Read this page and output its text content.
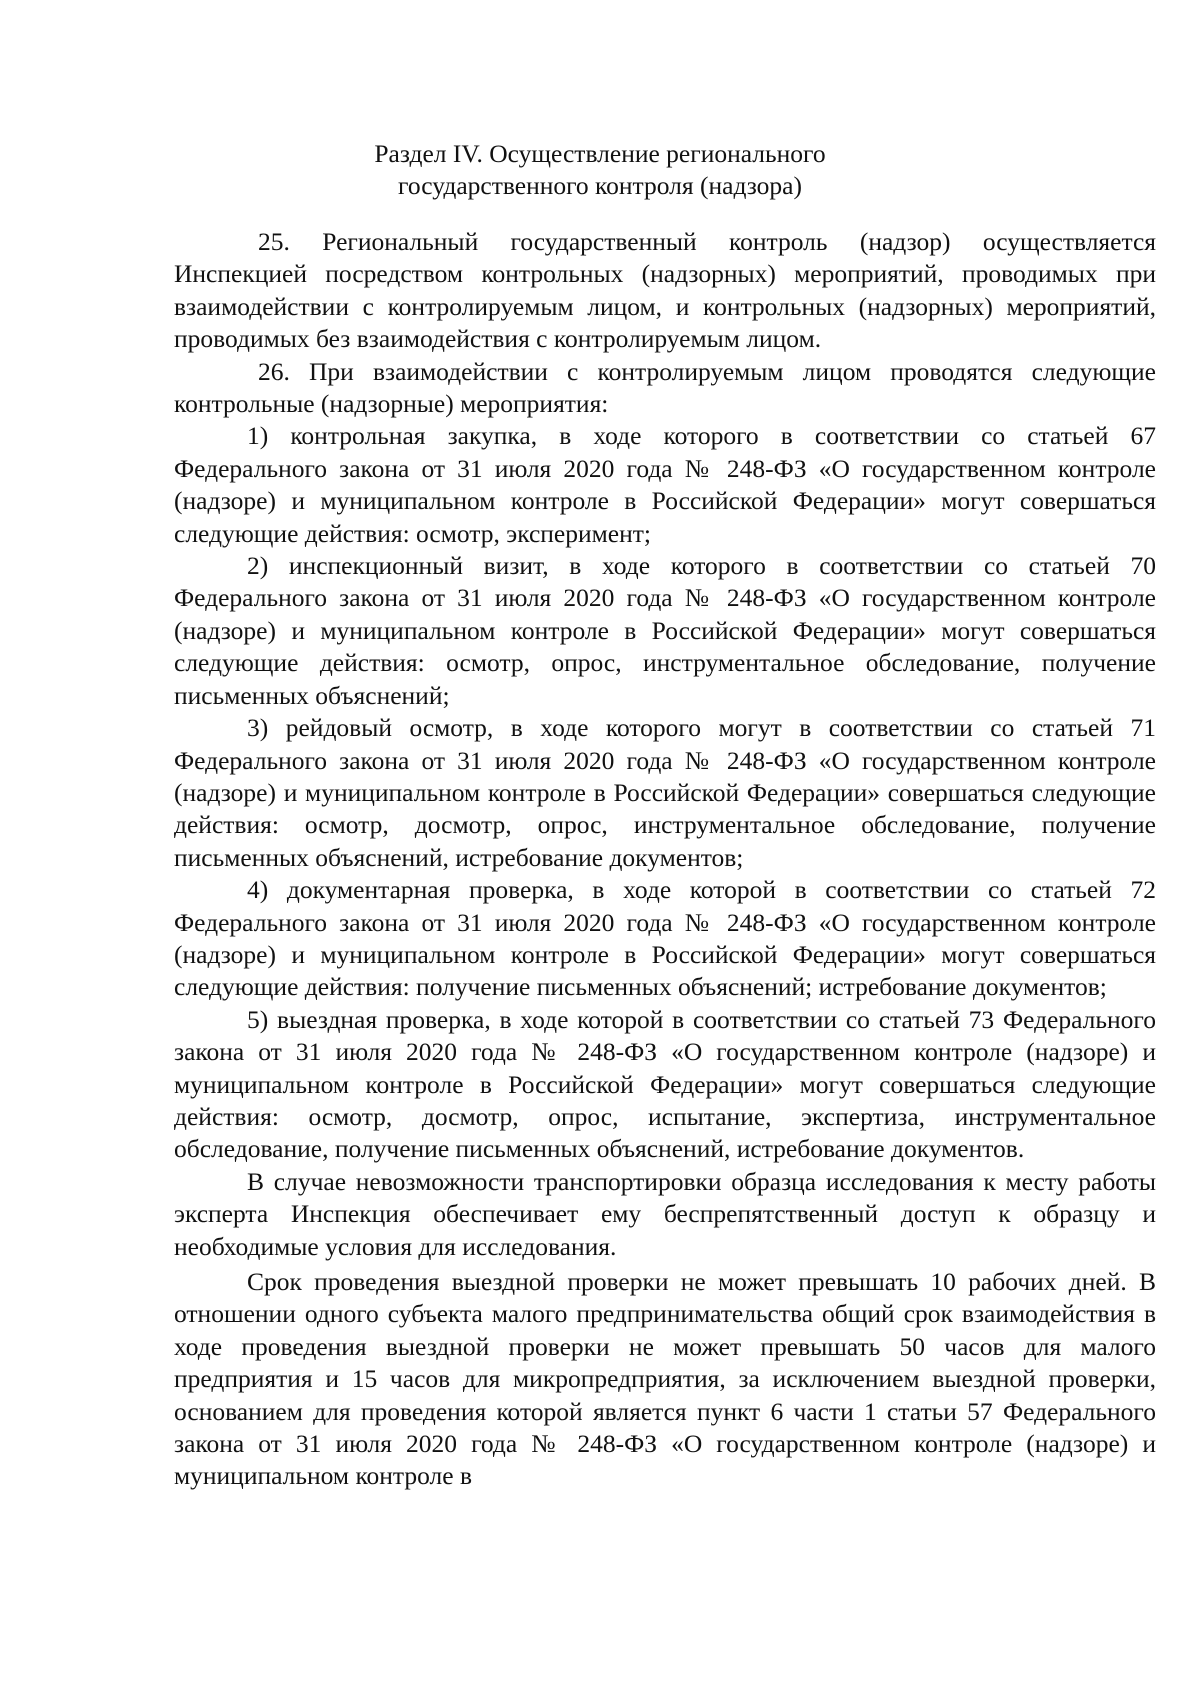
Раздел IV. Осуществление регионального
государственного контроля (надзора)

25. Региональный государственный контроль (надзор) осуществляется Инспекцией посредством контрольных (надзорных) мероприятий, проводимых при взаимодействии с контролируемым лицом, и контрольных (надзорных) мероприятий, проводимых без взаимодействия с контролируемым лицом.

26. При взаимодействии с контролируемым лицом проводятся следующие контрольные (надзорные) мероприятия:

1) контрольная закупка, в ходе которого в соответствии со статьей 67 Федерального закона от 31 июля 2020 года № 248-ФЗ «О государственном контроле (надзоре) и муниципальном контроле в Российской Федерации» могут совершаться следующие действия: осмотр, эксперимент;

2) инспекционный визит, в ходе которого в соответствии со статьей 70 Федерального закона от 31 июля 2020 года № 248-ФЗ «О государственном контроле (надзоре) и муниципальном контроле в Российской Федерации» могут совершаться следующие действия: осмотр, опрос, инструментальное обследование, получение письменных объяснений;

3) рейдовый осмотр, в ходе которого могут в соответствии со статьей 71 Федерального закона от 31 июля 2020 года № 248-ФЗ «О государственном контроле (надзоре) и муниципальном контроле в Российской Федерации» совершаться следующие действия: осмотр, досмотр, опрос, инструментальное обследование, получение письменных объяснений, истребование документов;

4) документарная проверка, в ходе которой в соответствии со статьей 72 Федерального закона от 31 июля 2020 года № 248-ФЗ «О государственном контроле (надзоре) и муниципальном контроле в Российской Федерации» могут совершаться следующие действия: получение письменных объяснений; истребование документов;

5) выездная проверка, в ходе которой в соответствии со статьей 73 Федерального закона от 31 июля 2020 года № 248-ФЗ «О государственном контроле (надзоре) и муниципальном контроле в Российской Федерации» могут совершаться следующие действия: осмотр, досмотр, опрос, испытание, экспертиза, инструментальное обследование, получение письменных объяснений, истребование документов.

В случае невозможности транспортировки образца исследования к месту работы эксперта Инспекция обеспечивает ему беспрепятственный доступ к образцу и необходимые условия для исследования.

Срок проведения выездной проверки не может превышать 10 рабочих дней. В отношении одного субъекта малого предпринимательства общий срок взаимодействия в ходе проведения выездной проверки не может превышать 50 часов для малого предприятия и 15 часов для микропредприятия, за исключением выездной проверки, основанием для проведения которой является пункт 6 части 1 статьи 57 Федерального закона от 31 июля 2020 года № 248-ФЗ «О государственном контроле (надзоре) и муниципальном контроле в
